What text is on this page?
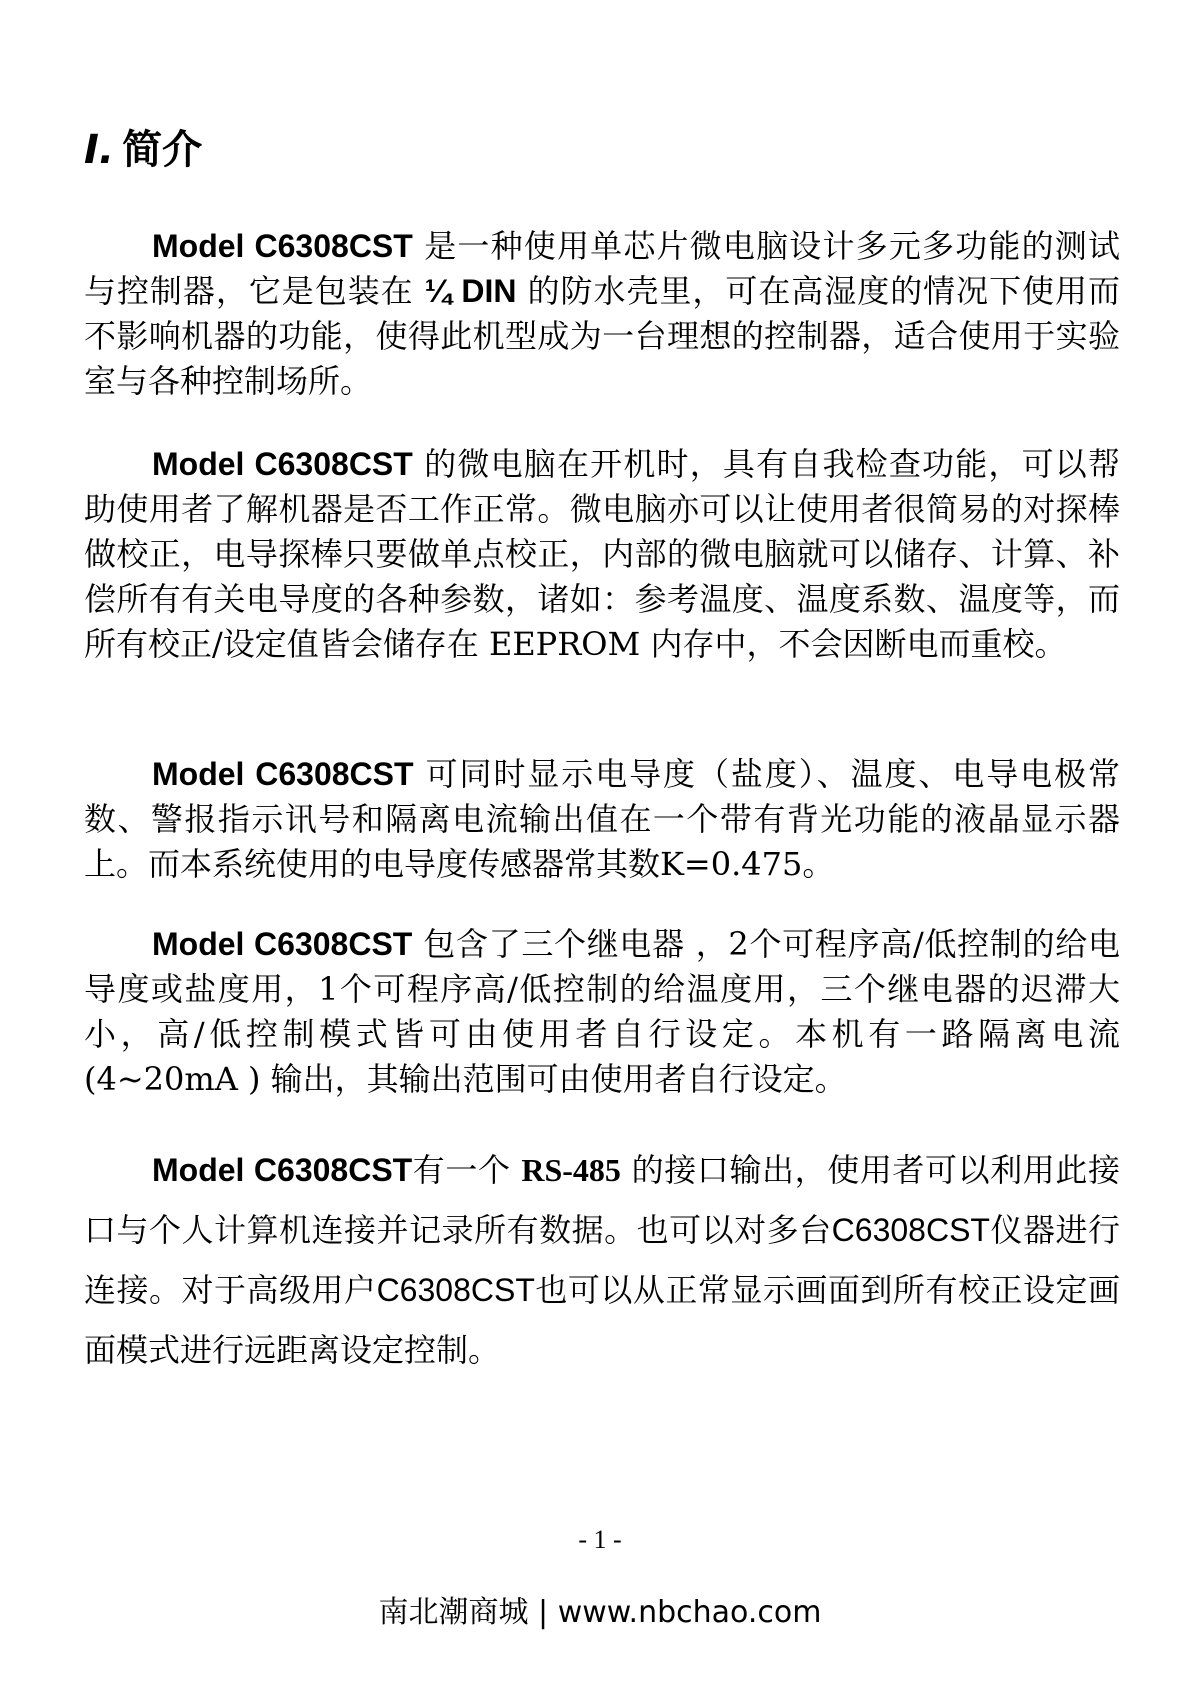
I. 简介

Model C6308CST 是一种使用单芯片微电脑设计多元多功能的测试与控制器，它是包装在 ¼ DIN 的防水壳里，可在高湿度的情况下使用而不影响机器的功能，使得此机型成为一台理想的控制器，适合使用于实验室与各种控制场所。

Model C6308CST 的微电脑在开机时，具有自我检查功能，可以帮助使用者了解机器是否工作正常。微电脑亦可以让使用者很简易的对探棒做校正，电导探棒只要做单点校正，内部的微电脑就可以储存、计算、补偿所有有关电导度的各种参数，诸如：参考温度、温度系数、温度等，而所有校正/设定值皆会储存在 EEPROM 内存中，不会因断电而重校。

Model C6308CST 可同时显示电导度（盐度）、温度、电导电极常数、警报指示讯号和隔离电流输出值在一个带有背光功能的液晶显示器上。而本系统使用的电导度传感器常其数K=0.475。

Model C6308CST 包含了三个继电器 ，2个可程序高/低控制的给电导度或盐度用，1个可程序高/低控制的给温度用，三个继电器的迟滞大小，高/低控制模式皆可由使用者自行设定。本机有一路隔离电流 (4~20mA ) 输出，其输出范围可由使用者自行设定。

Model C6308CST有一个 RS-485 的接口输出，使用者可以利用此接口与个人计算机连接并记录所有数据。也可以对多台C6308CST仪器进行连接。对于高级用户C6308CST也可以从正常显示画面到所有校正设定画面模式进行远距离设定控制。

- 1 -
南北潮商城 | www.nbchao.com
